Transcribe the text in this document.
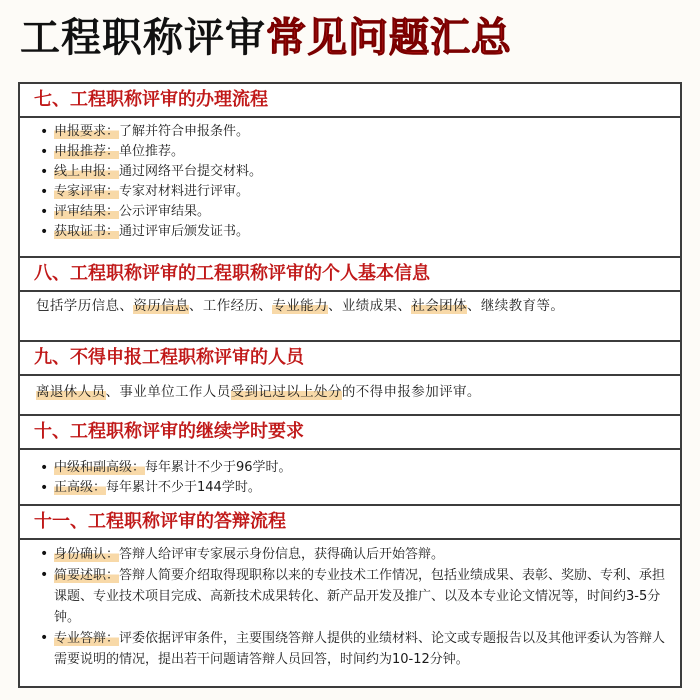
工程职称评审常见问题汇总
七、工程职称评审的办理流程
• 申报要求：了解并符合申报条件。
• 申报推荐：单位推荐。
• 线上申报：通过网络平台提交材料。
• 专家评审：专家对材料进行评审。
• 评审结果：公示评审结果。
• 获取证书：通过评审后颁发证书。
八、工程职称评审的工程职称评审的个人基本信息

包括学历信息、资历信息、工作经历、专业能力、业绩成果、社会团体、继续教育等。

九、不得申报工程职称评审的人员

离退休人员、事业单位工作人员受到记过以上处分的不得申报参加评审。

十、工程职称评审的继续学时要求
• 中级和副高级：每年累计不少于96学时。
• 正高级：每年累计不少于144学时。
十一、工程职称评审的答辩流程
• 身份确认：答辩人给评审专家展示身份信息，获得确认后开始答辩。
• 简要述职：答辩人简要介绍取得现职称以来的专业技术工作情况，包括业绩成果、表彰、奖励、专利、承担课题、专业技术项目完成、高新技术成果转化、新产品开发及推广、以及本专业论文情况等，时间约3-5分钟。
• 专业答辩：评委依据评审条件，主要围绕答辩人提供的业绩材料、论文或专题报告以及其他评委认为答辩人需要说明的情况，提出若干问题请答辩人员回答，时间约为10-12分钟。
